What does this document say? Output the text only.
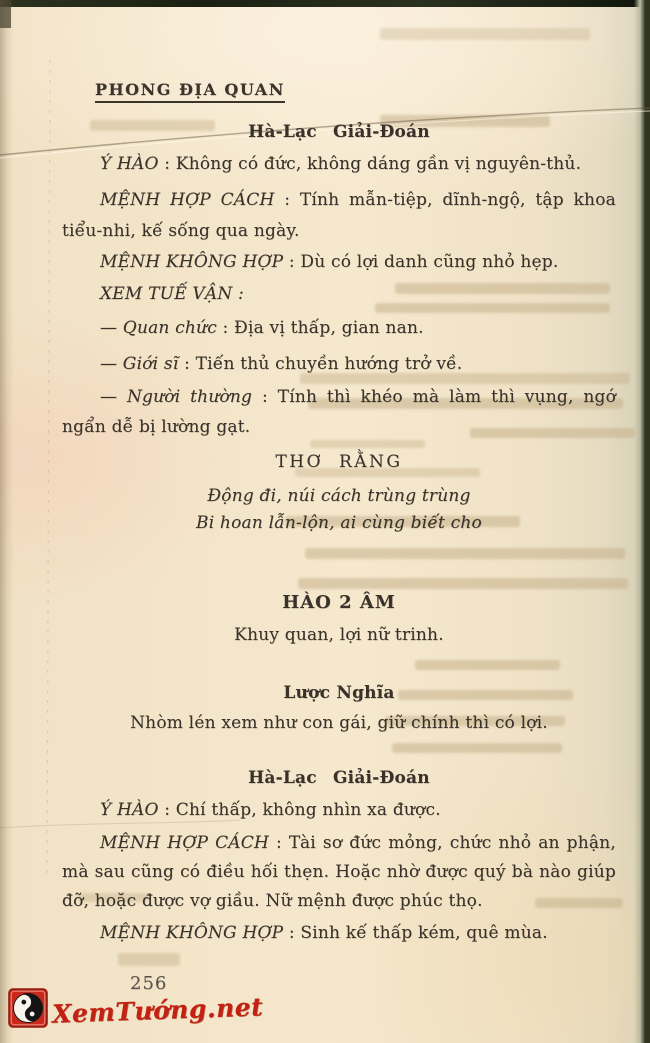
PHONG ĐỊA QUAN
Hà-Lạc Giải-Đoán

Ý HÀO : Không có đức, không dáng gần vị nguyên-thủ.

MỆNH HỢP CÁCH : Tính mẫn-tiệp, dĩnh-ngộ, tập khoa tiểu-nhi, kế sống qua ngày.

MỆNH KHÔNG HỢP : Dù có lợi danh cũng nhỏ hẹp.

XEM TUẾ VẬN :

— Quan chức : Địa vị thấp, gian nan.

— Giới sĩ : Tiến thủ chuyền hướng trở về.

— Người thường : Tính thì khéo mà làm thì vụng, ngớ ngẩn dễ bị lường gạt.

THƠ RẰNG
Động đi, núi cách trùng trùng
Bi hoan lẫn-lộn, ai cùng biết cho
HÀO 2 ÂM
Khuy quan, lợi nữ trinh.
Lược Nghĩa
Nhòm lén xem như con gái, giữ chính thì có lợi.
Hà-Lạc Giải-Đoán

Ý HÀO : Chí thấp, không nhìn xa được.

MỆNH HỢP CÁCH : Tài sơ đức mỏng, chức nhỏ an phận, mà sau cũng có điều hối thẹn. Hoặc nhờ được quý bà nào giúp đỡ, hoặc được vợ giầu. Nữ mệnh được phúc thọ.

MỆNH KHÔNG HỢP : Sinh kế thấp kém, quê mùa.

256
XemTướng.net
